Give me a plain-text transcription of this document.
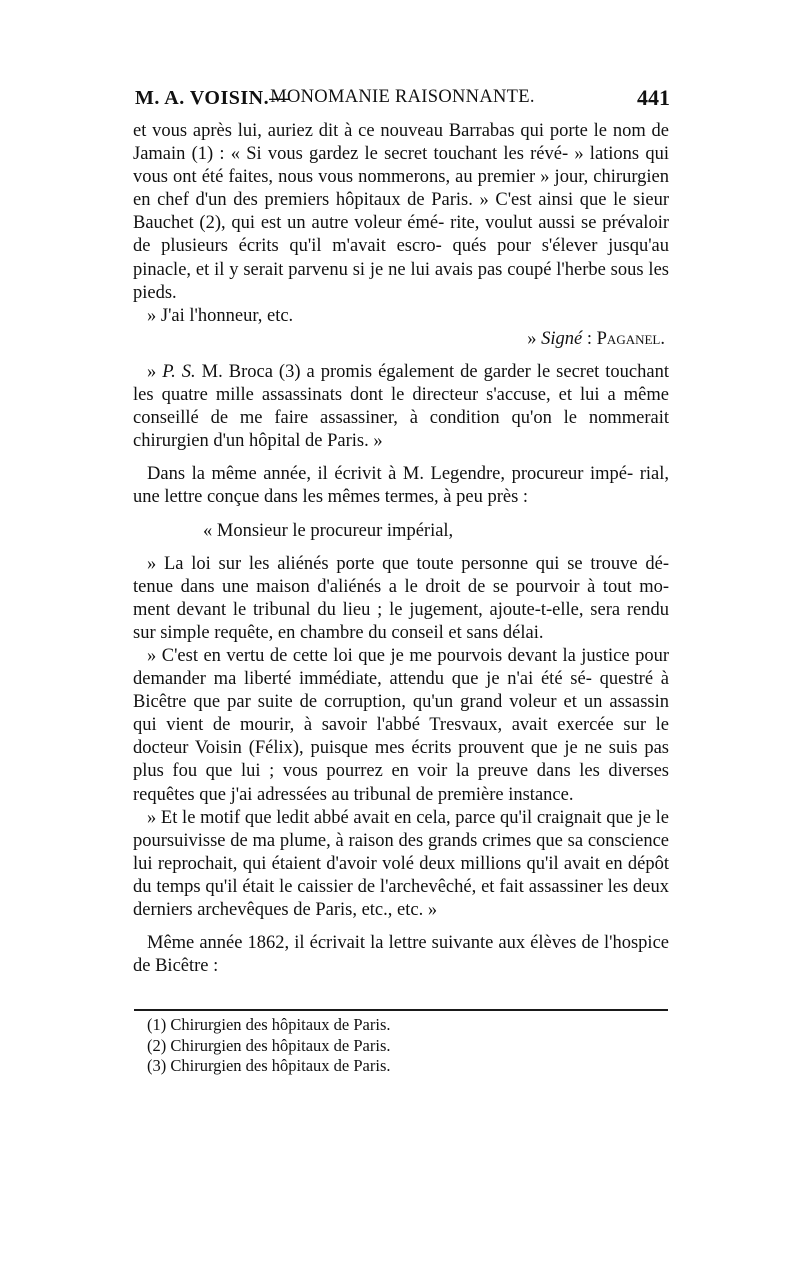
M. A. VOISIN.—
MONOMANIE RAISONNANTE.	441

et vous après lui, auriez dit à ce nouveau Barrabas qui porte le nom de Jamain (1) : « Si vous gardez le secret touchant les révé- » lations qui vous ont été faites, nous vous nommerons, au premier » jour, chirurgien en chef d'un des premiers hôpitaux de Paris. » C'est ainsi que le sieur Bauchet (2), qui est un autre voleur émé- rite, voulut aussi se prévaloir de plusieurs écrits qu'il m'avait escro- qués pour s'élever jusqu'au pinacle, et il y serait parvenu si je ne lui avais pas coupé l'herbe sous les pieds.

» J'ai l'honneur, etc.

» Signé : Paganel.

» P. S. M. Broca (3) a promis également de garder le secret touchant les quatre mille assassinats dont le directeur s'accuse, et lui a même conseillé de me faire assassiner, à condition qu'on le nommerait chirurgien d'un hôpital de Paris. »

Dans la même année, il écrivit à M. Legendre, procureur impé- rial, une lettre conçue dans les mêmes termes, à peu près :

« Monsieur le procureur impérial,

» La loi sur les aliénés porte que toute personne qui se trouve dé- tenue dans une maison d'aliénés a le droit de se pourvoir à tout mo- ment devant le tribunal du lieu ; le jugement, ajoute-t-elle, sera rendu sur simple requête, en chambre du conseil et sans délai.

» C'est en vertu de cette loi que je me pourvois devant la justice pour demander ma liberté immédiate, attendu que je n'ai été sé- questré à Bicêtre que par suite de corruption, qu'un grand voleur et un assassin qui vient de mourir, à savoir l'abbé Tresvaux, avait exercée sur le docteur Voisin (Félix), puisque mes écrits prouvent que je ne suis pas plus fou que lui ; vous pourrez en voir la preuve dans les diverses requêtes que j'ai adressées au tribunal de première instance.

» Et le motif que ledit abbé avait en cela, parce qu'il craignait que je le poursuivisse de ma plume, à raison des grands crimes que sa conscience lui reprochait, qui étaient d'avoir volé deux millions qu'il avait en dépôt du temps qu'il était le caissier de l'archevêché, et fait assassiner les deux derniers archevêques de Paris, etc., etc. »

Même année 1862, il écrivait la lettre suivante aux élèves de l'hospice de Bicêtre :

(1) Chirurgien des hôpitaux de Paris.

(2) Chirurgien des hôpitaux de Paris.

(3) Chirurgien des hôpitaux de Paris.
